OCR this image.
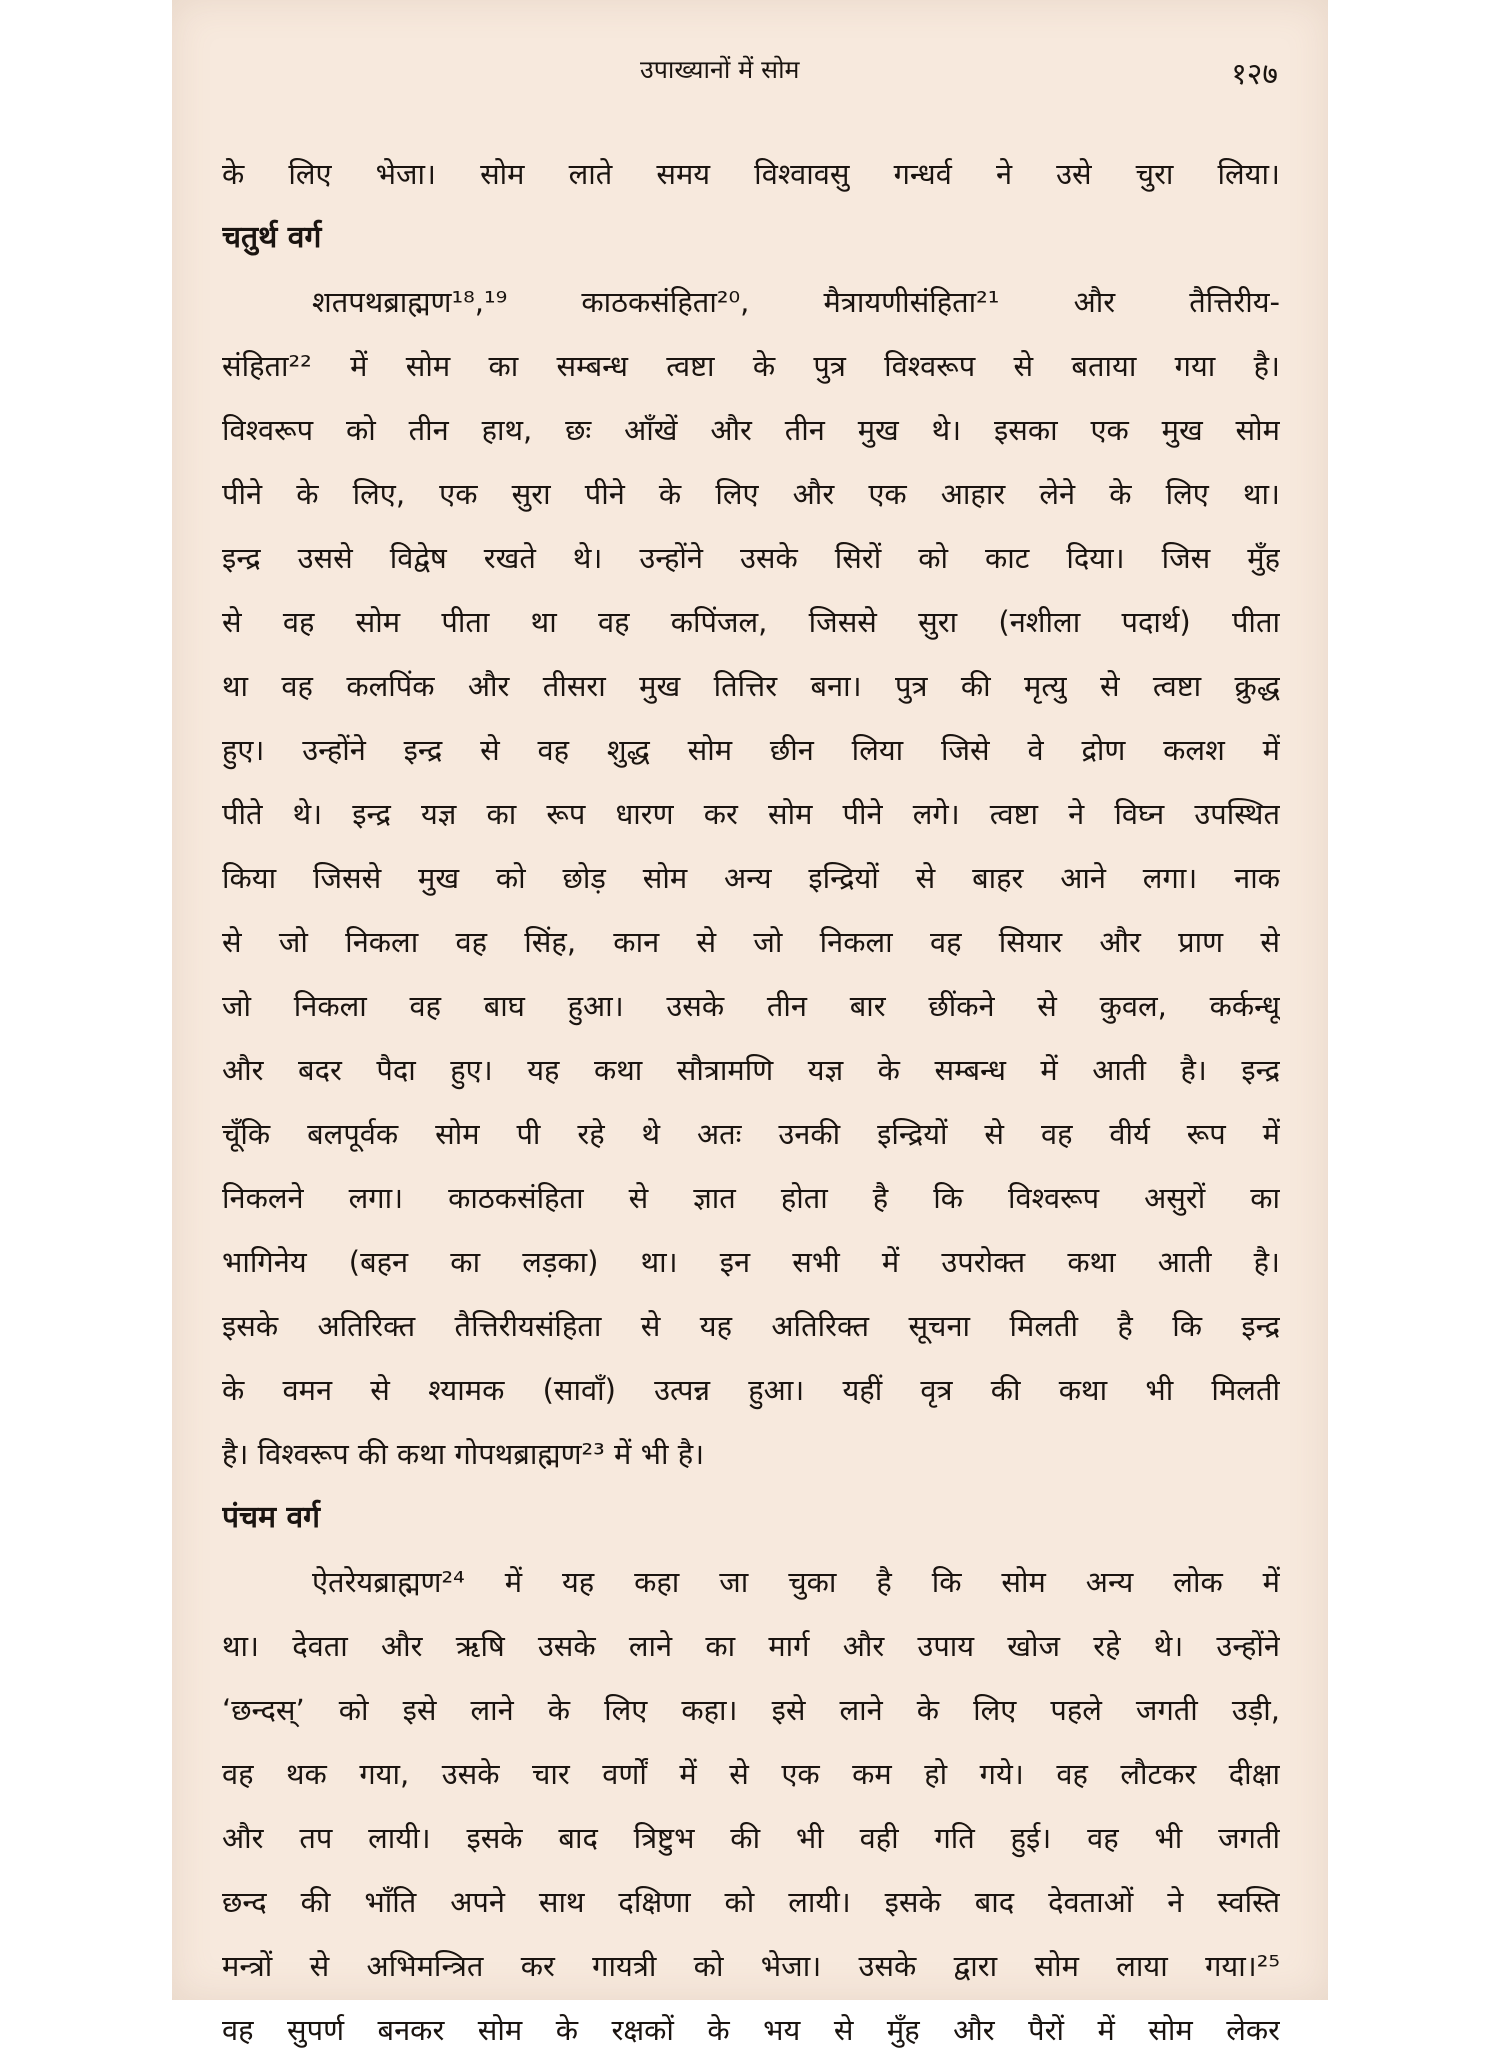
उपाख्यानों में सोम	१२७
के लिए भेजा। सोम लाते समय विश्वावसु गन्धर्व ने उसे चुरा लिया।
चतुर्थ वर्ग
शतपथब्राह्मण¹⁸,¹⁹ काठकसंहिता²⁰, मैत्रायणीसंहिता²¹ और तैत्तिरीय-
संहिता²² में सोम का सम्बन्ध त्वष्टा के पुत्र विश्वरूप से बताया गया है।
विश्वरूप को तीन हाथ, छः आँखें और तीन मुख थे। इसका एक मुख सोम
पीने के लिए, एक सुरा पीने के लिए और एक आहार लेने के लिए था।
इन्द्र उससे विद्वेष रखते थे। उन्होंने उसके सिरों को काट दिया। जिस मुँह
से वह सोम पीता था वह कपिंजल, जिससे सुरा (नशीला पदार्थ) पीता
था वह कलपिंक और तीसरा मुख तित्तिर बना। पुत्र की मृत्यु से त्वष्टा क्रुद्ध
हुए। उन्होंने इन्द्र से वह शुद्ध सोम छीन लिया जिसे वे द्रोण कलश में
पीते थे। इन्द्र यज्ञ का रूप धारण कर सोम पीने लगे। त्वष्टा ने विघ्न उपस्थित
किया जिससे मुख को छोड़ सोम अन्य इन्द्रियों से बाहर आने लगा। नाक
से जो निकला वह सिंह, कान से जो निकला वह सियार और प्राण से
जो निकला वह बाघ हुआ। उसके तीन बार छींकने से कुवल, कर्कन्धू
और बदर पैदा हुए। यह कथा सौत्रामणि यज्ञ के सम्बन्ध में आती है। इन्द्र
चूँकि बलपूर्वक सोम पी रहे थे अतः उनकी इन्द्रियों से वह वीर्य रूप में
निकलने लगा। काठकसंहिता से ज्ञात होता है कि विश्वरूप असुरों का
भागिनेय (बहन का लड़का) था। इन सभी में उपरोक्त कथा आती है।
इसके अतिरिक्त तैत्तिरीयसंहिता से यह अतिरिक्त सूचना मिलती है कि इन्द्र
के वमन से श्यामक (सावाँ) उत्पन्न हुआ। यहीं वृत्र की कथा भी मिलती
है। विश्वरूप की कथा गोपथब्राह्मण²³ में भी है।
पंचम वर्ग
ऐतरेयब्राह्मण²⁴ में यह कहा जा चुका है कि सोम अन्य लोक में
था। देवता और ऋषि उसके लाने का मार्ग और उपाय खोज रहे थे। उन्होंने
‘छन्दस्’ को इसे लाने के लिए कहा। इसे लाने के लिए पहले जगती उड़ी,
वह थक गया, उसके चार वर्णों में से एक कम हो गये। वह लौटकर दीक्षा
और तप लायी। इसके बाद त्रिष्टुभ की भी वही गति हुई। वह भी जगती
छन्द की भाँति अपने साथ दक्षिणा को लायी। इसके बाद देवताओं ने स्वस्ति
मन्त्रों से अभिमन्त्रित कर गायत्री को भेजा। उसके द्वारा सोम लाया गया।²⁵
वह सुपर्ण बनकर सोम के रक्षकों के भय से मुँह और पैरों में सोम लेकर
